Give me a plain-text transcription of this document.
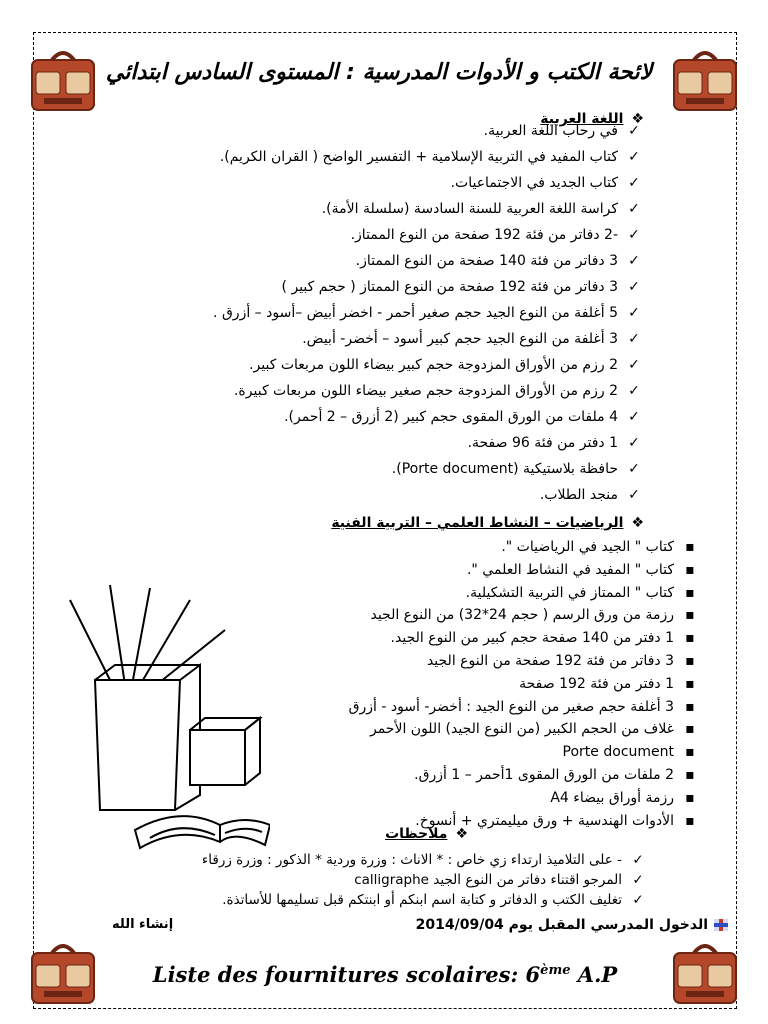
لائحة الكتب و الأدوات المدرسية : المستوى السادس ابتدائي
❖اللغة العربية
✓في رحاب اللغة العربية.
✓كتاب المفيد في التربية الإسلامية + التفسير الواضح ( القران الكريم).
✓كتاب الجديد في الاجتماعيات.
✓كراسة اللغة العربية للسنة السادسة (سلسلة الأمة).
✓-2 دفاتر من فئة 192 صفحة من النوع الممتاز.
✓3 دفاتر من فئة 140 صفحة من النوع الممتاز.
✓3 دفاتر من فئة 192 صفحة من النوع الممتاز ( حجم كبير )
✓5 أغلفة من النوع الجيد حجم صغير أحمر - اخضر أبيض –أسود – أزرق .
✓3 أغلفة من النوع الجيد حجم كبير أسود – أخضر- أبيض.
✓2 رزم من الأوراق المزدوجة حجم كبير بيضاء اللون مربعات كبير.
✓2 رزم من الأوراق المزدوجة حجم صغير بيضاء اللون مربعات كبيرة.
✓4 ملفات من الورق المقوى حجم كبير (2 أزرق – 2 أحمر).
✓1 دفتر من فئة 96 صفحة.
✓حافظة بلاستيكية (Porte document).
✓منجد الطلاب.
❖الرياضيات – النشاط العلمي – التربية الفنية
▪كتاب " الجيد في الرياضيات ".
▪كتاب " المفيد في النشاط العلمي ".
▪كتاب " الممتاز في التربية التشكيلية.
▪رزمة من ورق الرسم ( حجم 24*32) من النوع الجيد
▪1 دفتر من 140 صفحة حجم كبير من النوع الجيد.
▪3 دفاتر من فئة 192 صفحة من النوع الجيد
▪1 دفتر من فئة 192 صفحة
▪3 أغلفة حجم صغير من النوع الجيد : أخضر- أسود - أزرق
▪غلاف من الحجم الكبير (من النوع الجيد) اللون الأحمر
▪Porte document
▪2 ملفات من الورق المقوى 1أحمر – 1 أزرق.
▪رزمة أوراق بيضاء A4
▪الأدوات الهندسية + ورق ميليمتري + أنسوخ.
❖ملاحظات
✓- على التلاميذ ارتداء زي خاص : * الاناث : وزرة وردية * الذكور : وزرة زرقاء
✓المرجو اقتناء دفاتر من النوع الجيد calligraphe
✓تغليف الكتب و الدفاتر و كتابة اسم ابنكم أو ابنتكم قبل تسليمها للأساتذة.
الدخول المدرسي المقبل يوم 2014/09/04
إنشاء الله
Liste des fournitures scolaires: 6ème A.P
